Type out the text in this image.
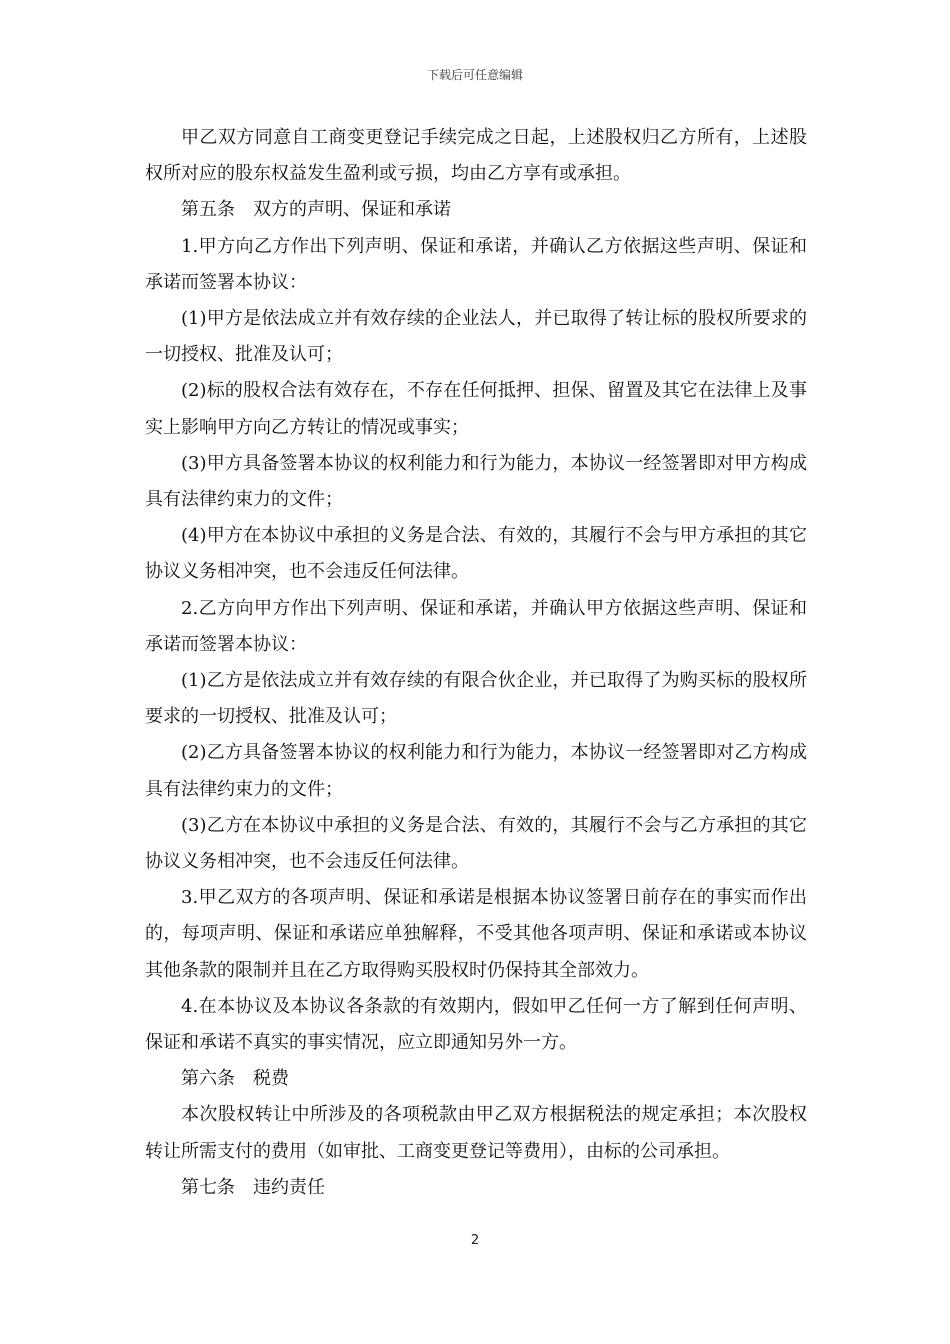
下载后可任意编辑

甲乙双方同意自工商变更登记手续完成之日起，上述股权归乙方所有，上述股权所对应的股东权益发生盈利或亏损，均由乙方享有或承担。

第五条　双方的声明、保证和承诺

1.甲方向乙方作出下列声明、保证和承诺，并确认乙方依据这些声明、保证和承诺而签署本协议：

(1)甲方是依法成立并有效存续的企业法人，并已取得了转让标的股权所要求的一切授权、批准及认可；

(2)标的股权合法有效存在，不存在任何抵押、担保、留置及其它在法律上及事实上影响甲方向乙方转让的情况或事实；

(3)甲方具备签署本协议的权利能力和行为能力，本协议一经签署即对甲方构成具有法律约束力的文件；

(4)甲方在本协议中承担的义务是合法、有效的，其履行不会与甲方承担的其它协议义务相冲突，也不会违反任何法律。

2.乙方向甲方作出下列声明、保证和承诺，并确认甲方依据这些声明、保证和承诺而签署本协议：

(1)乙方是依法成立并有效存续的有限合伙企业，并已取得了为购买标的股权所要求的一切授权、批准及认可；

(2)乙方具备签署本协议的权利能力和行为能力，本协议一经签署即对乙方构成具有法律约束力的文件；

(3)乙方在本协议中承担的义务是合法、有效的，其履行不会与乙方承担的其它协议义务相冲突，也不会违反任何法律。

3.甲乙双方的各项声明、保证和承诺是根据本协议签署日前存在的事实而作出的，每项声明、保证和承诺应单独解释，不受其他各项声明、保证和承诺或本协议其他条款的限制并且在乙方取得购买股权时仍保持其全部效力。

4.在本协议及本协议各条款的有效期内，假如甲乙任何一方了解到任何声明、保证和承诺不真实的事实情况，应立即通知另外一方。

第六条　税费

本次股权转让中所涉及的各项税款由甲乙双方根据税法的规定承担；本次股权转让所需支付的费用（如审批、工商变更登记等费用），由标的公司承担。

第七条　违约责任

2
